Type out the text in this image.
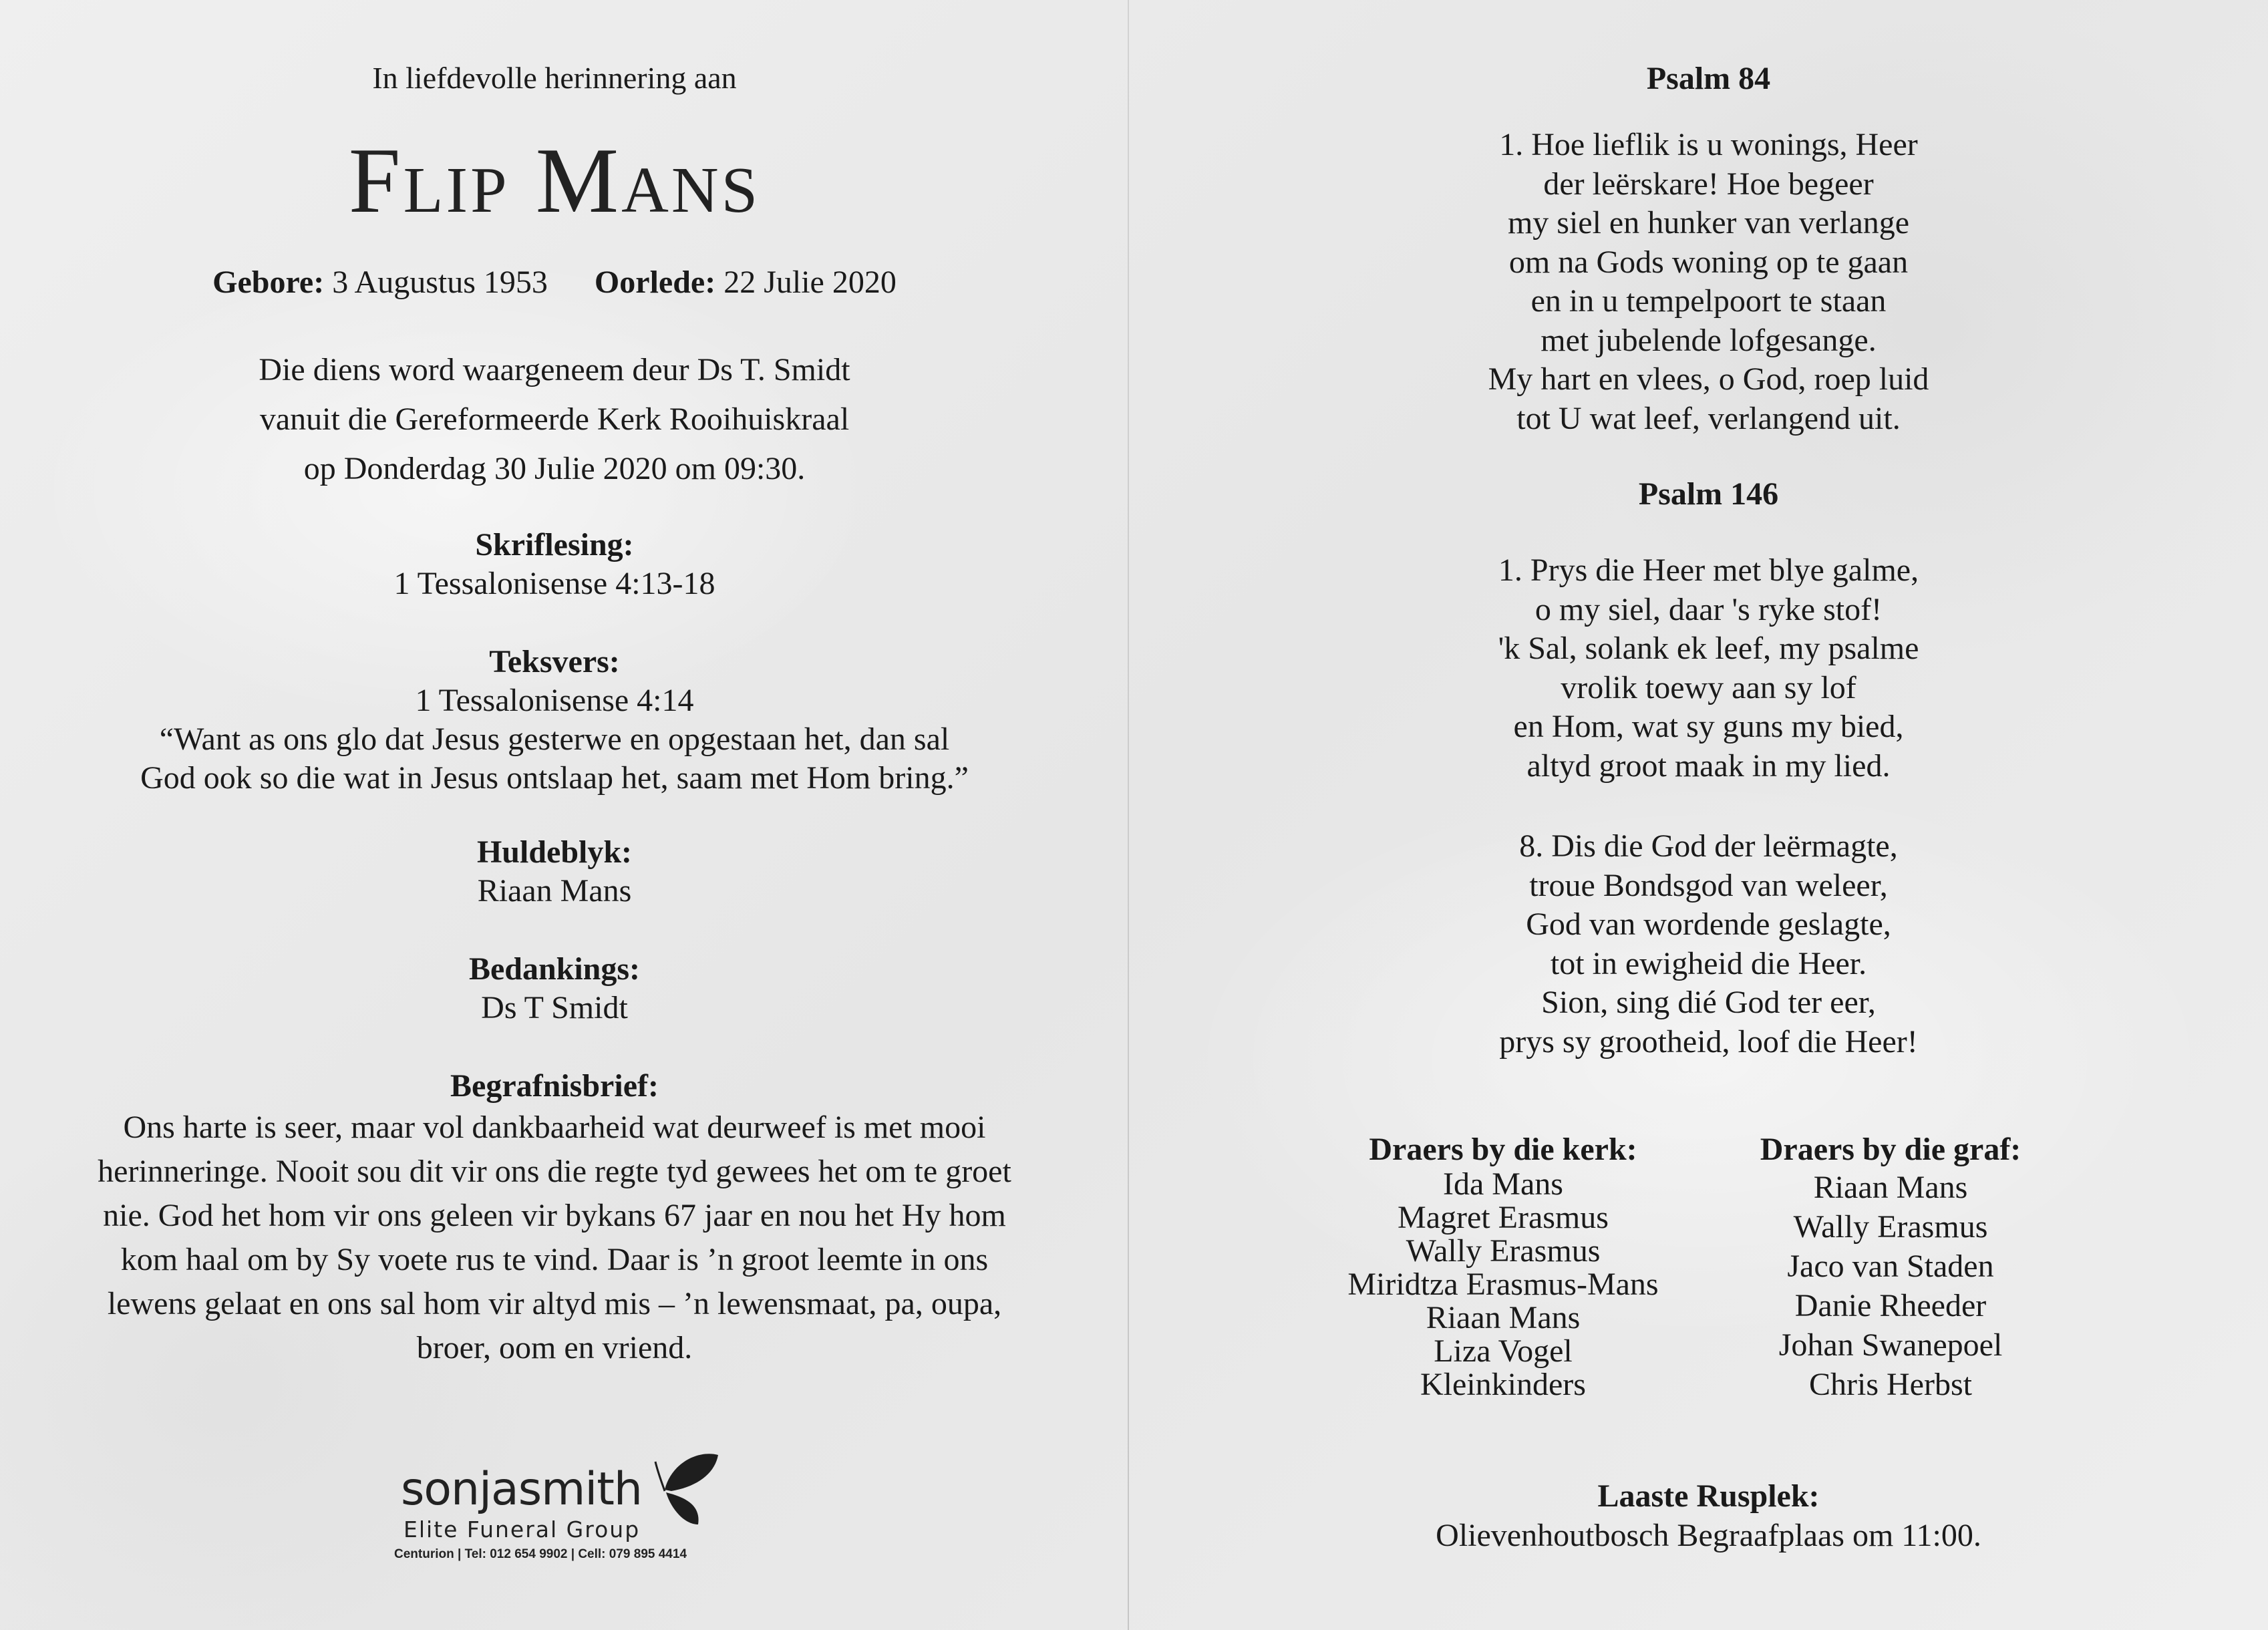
In liefdevolle herinnering aan
Flip Mans
Gebore: 3 Augustus 1953 Oorlede: 22 Julie 2020
Die diens word waargeneem deur Ds T. Smidt
vanuit die Gereformeerde Kerk Rooihuiskraal
op Donderdag 30 Julie 2020 om 09:30.
Skriflesing:
1 Tessalonisense 4:13-18
Teksvers:
1 Tessalonisense 4:14
“Want as ons glo dat Jesus gesterwe en opgestaan het, dan sal
God ook so die wat in Jesus ontslaap het, saam met Hom bring.”
Huldeblyk:
Riaan Mans
Bedankings:
Ds T Smidt
Begrafnisbrief:
Ons harte is seer, maar vol dankbaarheid wat deurweef is met mooi
herinneringe. Nooit sou dit vir ons die regte tyd gewees het om te groet
nie. God het hom vir ons geleen vir bykans 67 jaar en nou het Hy hom
kom haal om by Sy voete rus te vind. Daar is ’n groot leemte in ons
lewens gelaat en ons sal hom vir altyd mis – ’n lewensmaat, pa, oupa,
broer, oom en vriend.
sonjasmith
Elite Funeral Group
Centurion | Tel: 012 654 9902 | Cell: 079 895 4414
Psalm 84
1. Hoe lieflik is u wonings, Heer
der leërskare! Hoe begeer
my siel en hunker van verlange
om na Gods woning op te gaan
en in u tempelpoort te staan
met jubelende lofgesange.
My hart en vlees, o God, roep luid
tot U wat leef, verlangend uit.
Psalm 146
1. Prys die Heer met blye galme,
o my siel, daar 's ryke stof!
'k Sal, solank ek leef, my psalme
vrolik toewy aan sy lof
en Hom, wat sy guns my bied,
altyd groot maak in my lied.
8. Dis die God der leërmagte,
troue Bondsgod van weleer,
God van wordende geslagte,
tot in ewigheid die Heer.
Sion, sing dié God ter eer,
prys sy grootheid, loof die Heer!
Draers by die kerk:
Ida Mans
Magret Erasmus
Wally Erasmus
Miridtza Erasmus-Mans
Riaan Mans
Liza Vogel
Kleinkinders
Draers by die graf:
Riaan Mans
Wally Erasmus
Jaco van Staden
Danie Rheeder
Johan Swanepoel
Chris Herbst
Laaste Rusplek:
Olievenhoutbosch Begraafplaas om 11:00.
